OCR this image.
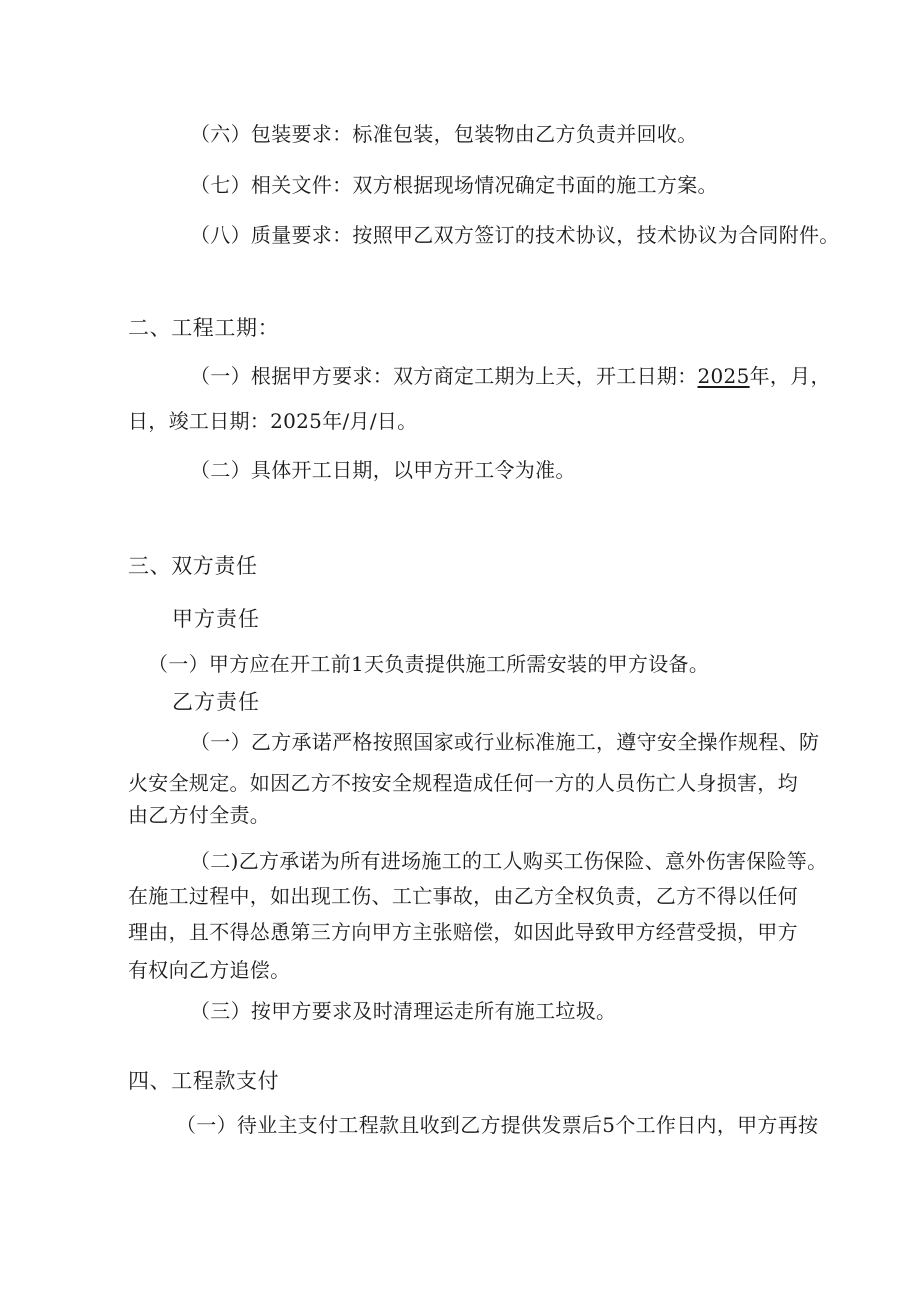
（六）包装要求：标准包装，包装物由乙方负责并回收。

（七）相关文件：双方根据现场情况确定书面的施工方案。

（八）质量要求：按照甲乙双方签订的技术协议，技术协议为合同附件。

二、工程工期：

（一）根据甲方要求：双方商定工期为上天，开工日期：2025年，月，

日，竣工日期：2025年/月/日。

（二）具体开工日期，以甲方开工令为准。

三、双方责任

甲方责任

（一）甲方应在开工前1天负责提供施工所需安装的甲方设备。

乙方责任

（一）乙方承诺严格按照国家或行业标准施工，遵守安全操作规程、防

火安全规定。如因乙方不按安全规程造成任何一方的人员伤亡人身损害，均

由乙方付全责。

（二)乙方承诺为所有进场施工的工人购买工伤保险、意外伤害保险等。

在施工过程中，如出现工伤、工亡事故，由乙方全权负责，乙方不得以任何

理由，且不得怂恿第三方向甲方主张赔偿，如因此导致甲方经营受损，甲方

有权向乙方追偿。

（三）按甲方要求及时清理运走所有施工垃圾。

四、工程款支付

（一）待业主支付工程款且收到乙方提供发票后5个工作日内，甲方再按
